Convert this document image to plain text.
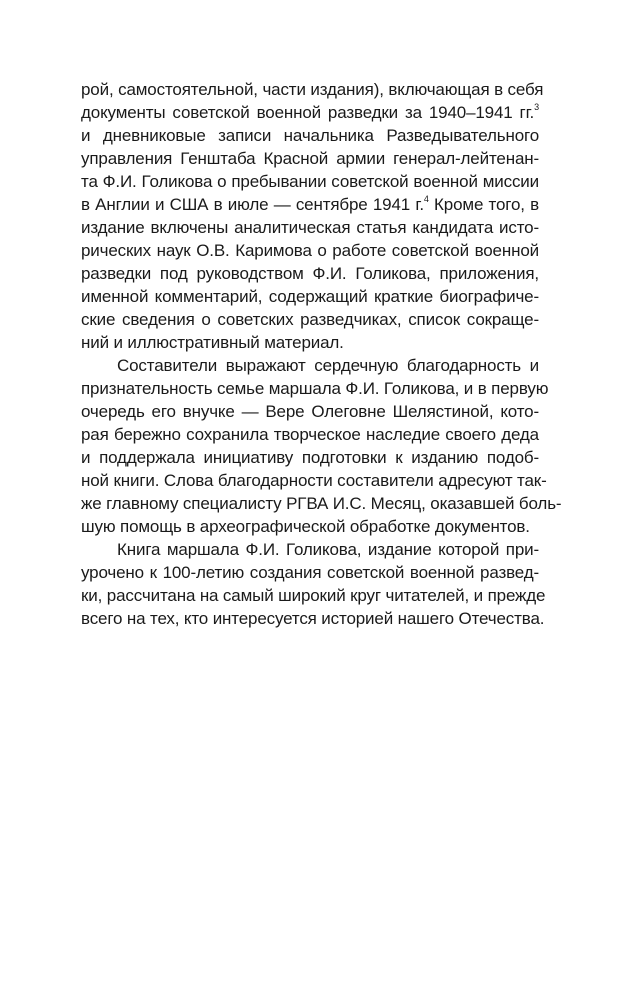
рой, самостоятельной, части издания), включающая в себя
документы советской военной разведки за 1940–1941 гг.$^3$
и дневниковые записи начальника Разведывательного
управления Генштаба Красной армии генерал-лейтенан-
та Ф.И. Голикова о пребывании советской военной миссии
в Англии и США в июле — сентябре 1941 г.$^4$ Кроме того, в
издание включены аналитическая статья кандидата исто-
рических наук О.В. Каримова о работе советской военной
разведки под руководством Ф.И. Голикова, приложения,
именной комментарий, содержащий краткие биографиче-
ские сведения о советских разведчиках, список сокраще-
ний и иллюстративный материал.
Составители выражают сердечную благодарность и
признательность семье маршала Ф.И. Голикова, и в первую
очередь его внучке — Вере Олеговне Шелястиной, кото-
рая бережно сохранила творческое наследие своего деда
и поддержала инициативу подготовки к изданию подоб-
ной книги. Слова благодарности составители адресуют так-
же главному специалисту РГВА И.С. Месяц, оказавшей боль-
шую помощь в археографической обработке документов.
Книга маршала Ф.И. Голикова, издание которой при-
урочено к 100-летию создания советской военной развед-
ки, рассчитана на самый широкий круг читателей, и прежде
всего на тех, кто интересуется историей нашего Отечества.
